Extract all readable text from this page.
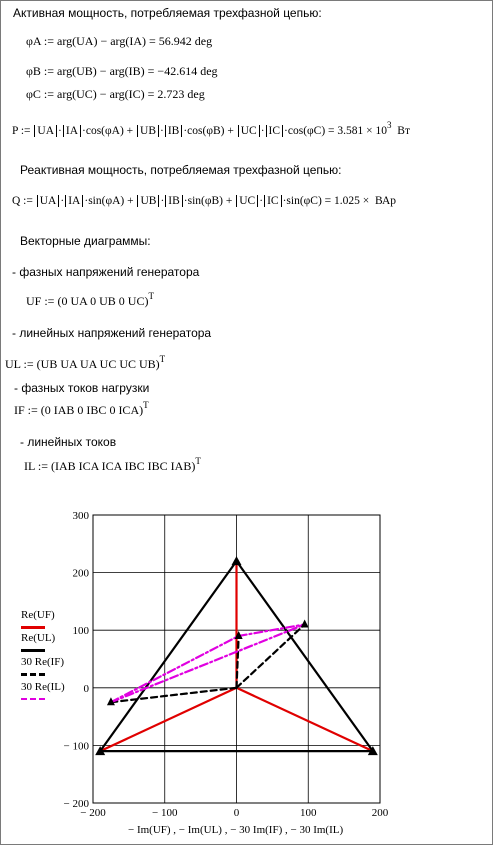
Активная мощность, потребляемая трехфазной цепью:
φA := arg(UA) − arg(IA) = 56.942 deg
φB := arg(UB) − arg(IB) = −42.614 deg
φC := arg(UC) − arg(IC) = 2.723 deg
P := UA · IA ·cos(φA) + UB · IB ·cos(φB) + UC · IC $\cdot\cos(\varphi C) = 3.581 \times 10^3$ Вт
Реактивная мощность, потребляемая трехфазной цепью:
Q := UA · IA ·sin(φA) + UB · IB ·sin(φB) + UC · IC ·sin(φC) = 1.025 × ВАр
Векторные диаграммы:
- фазных напряжений генератора
UF := (0 UA 0 UB 0 UC)$^T$
- линейных напряжений генератора
UL := (UB UA UA UC UC UB)$^T$
- фазных токов нагрузки
IF := (0 IAB 0 IBC 0 ICA)$^T$
- линейных токов
IL := (IAB ICA ICA IBC IBC IAB)$^T$
Re(UF)
Re(UL)
30 Re(IF)
30 Re(IL)
− 200	− 100	0	100	200
− 200
− 100
0
100
200
300
− Im(UF) , − Im(UL) , − 30 Im(IF) , − 30 Im(IL)
